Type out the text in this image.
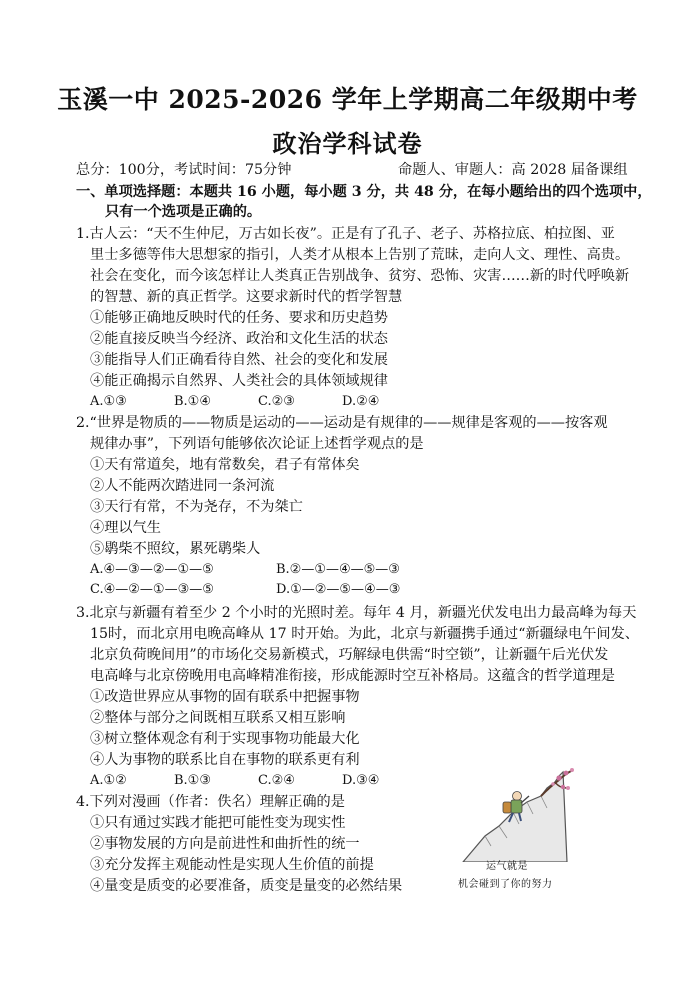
玉溪一中 2025-2026 学年上学期高二年级期中考
政治学科试卷
总分：100分，考试时间：75分钟	命题人、审题人：高 2028 届备课组
一、单项选择题：本题共 16 小题，每小题 3 分，共 48 分，在每小题给出的四个选项中，
只有一个选项是正确的。
1.古人云：“天不生仲尼，万古如长夜”。正是有了孔子、老子、苏格拉底、柏拉图、亚
里士多德等伟大思想家的指引，人类才从根本上告别了荒昧，走向人文、理性、高贵。
社会在变化，而今该怎样让人类真正告别战争、贫穷、恐怖、灾害……新的时代呼唤新
的智慧、新的真正哲学。这要求新时代的哲学智慧
①能够正确地反映时代的任务、要求和历史趋势
②能直接反映当今经济、政治和文化生活的状态
③能指导人们正确看待自然、社会的变化和发展
④能正确揭示自然界、人类社会的具体领域规律
A.①③	B.①④	C.②③	D.②④
2.“世界是物质的——物质是运动的——运动是有规律的——规律是客观的——按客观
规律办事”，下列语句能够依次论证上述哲学观点的是
①天有常道矣，地有常数矣，君子有常体矣
②人不能两次踏进同一条河流
③天行有常，不为尧存，不为桀亡
④理以气生
⑤鹖柴不照纹，累死鹖柴人
A.④—③—②—①—⑤	B.②—①—④—⑤—③
C.④—②—①—③—⑤	D.①—②—⑤—④—③
3.北京与新疆有着至少 2 个小时的光照时差。每年 4 月，新疆光伏发电出力最高峰为每天
15时，而北京用电晚高峰从 17 时开始。为此，北京与新疆携手通过“新疆绿电午间发、
北京负荷晚间用”的市场化交易新模式，巧解绿电供需“时空锁”，让新疆午后光伏发
电高峰与北京傍晚用电高峰精准衔接，形成能源时空互补格局。这蕴含的哲学道理是
①改造世界应从事物的固有联系中把握事物
②整体与部分之间既相互联系又相互影响
③树立整体观念有利于实现事物功能最大化
④人为事物的联系比自在事物的联系更有利
A.①②	B.①③	C.②④	D.③④
4.下列对漫画（作者：佚名）理解正确的是
①只有通过实践才能把可能性变为现实性
②事物发展的方向是前进性和曲折性的统一
③充分发挥主观能动性是实现人生价值的前提
④量变是质变的必要准备，质变是量变的必然结果
运气就是
机会碰到了你的努力
